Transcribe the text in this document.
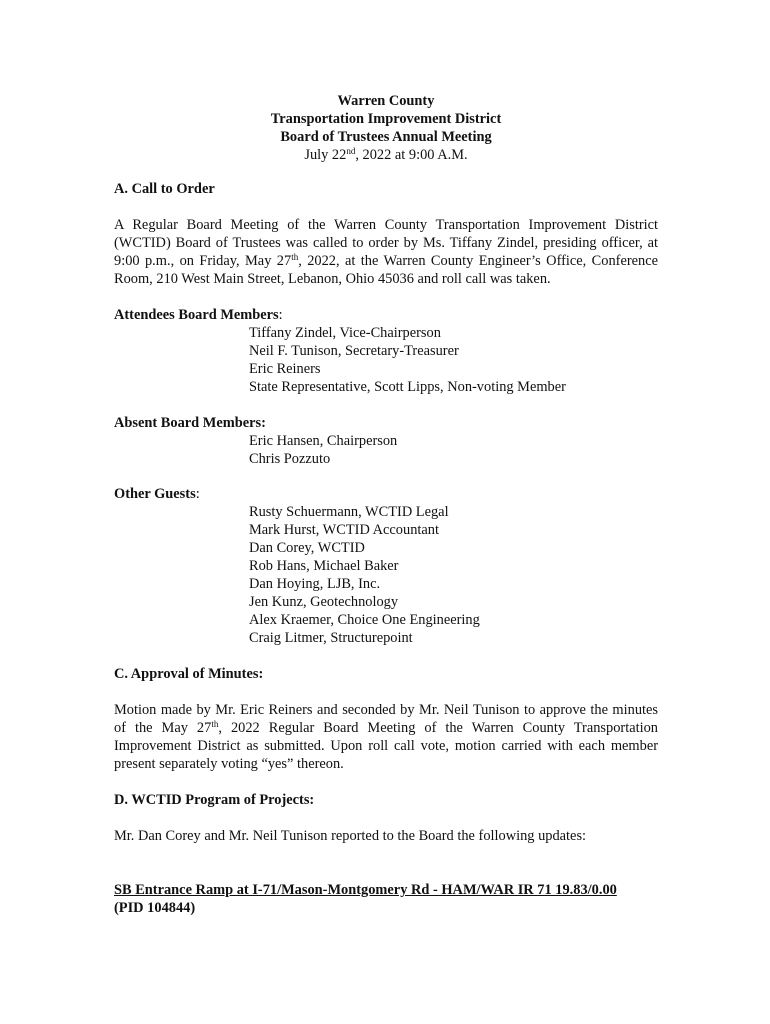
Warren County
Transportation Improvement District
Board of Trustees Annual Meeting
July 22nd, 2022 at 9:00 A.M.
A. Call to Order
A Regular Board Meeting of the Warren County Transportation Improvement District (WCTID) Board of Trustees was called to order by Ms. Tiffany Zindel, presiding officer, at 9:00 p.m., on Friday, May 27th, 2022, at the Warren County Engineer’s Office, Conference Room, 210 West Main Street, Lebanon, Ohio 45036 and roll call was taken.
Attendees Board Members:
Tiffany Zindel, Vice-Chairperson
Neil F. Tunison, Secretary-Treasurer
Eric Reiners
State Representative, Scott Lipps, Non-voting Member
Absent Board Members:
Eric Hansen, Chairperson
Chris Pozzuto
Other Guests:
Rusty Schuermann, WCTID Legal
Mark Hurst, WCTID Accountant
Dan Corey, WCTID
Rob Hans, Michael Baker
Dan Hoying, LJB, Inc.
Jen Kunz, Geotechnology
Alex Kraemer, Choice One Engineering
Craig Litmer, Structurepoint
C. Approval of Minutes:
Motion made by Mr. Eric Reiners and seconded by Mr. Neil Tunison to approve the minutes of the May 27th, 2022 Regular Board Meeting of the Warren County Transportation Improvement District as submitted. Upon roll call vote, motion carried with each member present separately voting “yes” thereon.
D. WCTID Program of Projects:
Mr. Dan Corey and Mr. Neil Tunison reported to the Board the following updates:
SB Entrance Ramp at I-71/Mason-Montgomery Rd - HAM/WAR IR 71 19.83/0.00
(PID 104844)
